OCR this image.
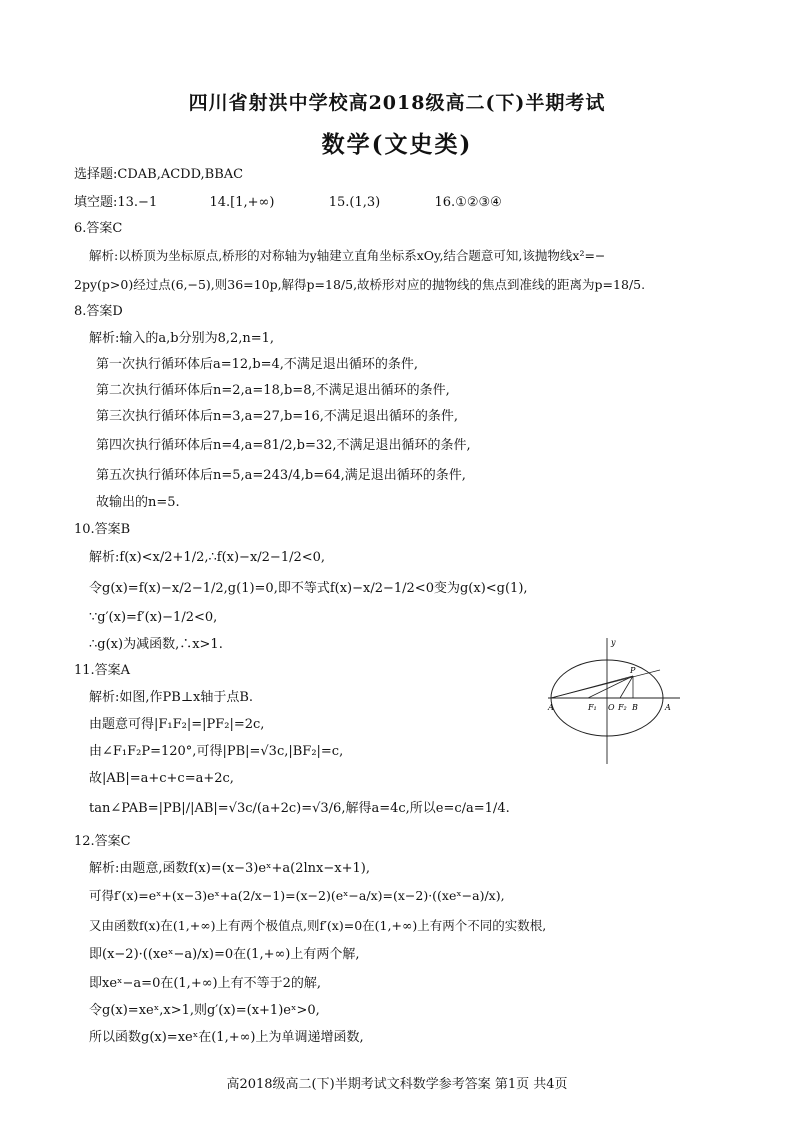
四川省射洪中学校高2018级高二(下)半期考试
数学(文史类)
选择题:CDAB,ACDD,BBAC
填空题:13.−1	14.[1,+∞)	15.(1,3)	16.①②③④
6.答案C
解析:以桥顶为坐标原点,桥形的对称轴为y轴建立直角坐标系xOy,结合题意可知,该抛物线x²=−
2py(p>0)经过点(6,−5),则36=10p,解得p=18/5,故桥形对应的抛物线的焦点到准线的距离为p=18/5.
8.答案D
解析:输入的a,b分别为8,2,n=1,
第一次执行循环体后a=12,b=4,不满足退出循环的条件,
第二次执行循环体后n=2,a=18,b=8,不满足退出循环的条件,
第三次执行循环体后n=3,a=27,b=16,不满足退出循环的条件,
第四次执行循环体后n=4,a=81/2,b=32,不满足退出循环的条件,
第五次执行循环体后n=5,a=243/4,b=64,满足退出循环的条件,
故输出的n=5.
10.答案B
解析:f(x)<x/2+1/2,∴f(x)−x/2−1/2<0,
令g(x)=f(x)−x/2−1/2,g(1)=0,即不等式f(x)−x/2−1/2<0变为g(x)<g(1),
∵g′(x)=f′(x)−1/2<0,
∴g(x)为减函数,∴x>1.
11.答案A
解析:如图,作PB⊥x轴于点B.
由题意可得|F₁F₂|=|PF₂|=2c,
由∠F₁F₂P=120°,可得|PB|=√3c,|BF₂|=c,
故|AB|=a+c+c=a+2c,
tan∠PAB=|PB|/|AB|=√3c/(a+2c)=√3/6,解得a=4c,所以e=c/a=1/4.
y
A	F₁ O F₂ B	A
P
12.答案C
解析:由题意,函数f(x)=(x−3)eˣ+a(2lnx−x+1),
可得f′(x)=eˣ+(x−3)eˣ+a(2/x−1)=(x−2)(eˣ−a/x)=(x−2)·((xeˣ−a)/x),
又由函数f(x)在(1,+∞)上有两个极值点,则f′(x)=0在(1,+∞)上有两个不同的实数根,
即(x−2)·((xeˣ−a)/x)=0在(1,+∞)上有两个解,
即xeˣ−a=0在(1,+∞)上有不等于2的解,
令g(x)=xeˣ,x>1,则g′(x)=(x+1)eˣ>0,
所以函数g(x)=xeˣ在(1,+∞)上为单调递增函数,
高2018级高二(下)半期考试文科数学参考答案 第1页 共4页
